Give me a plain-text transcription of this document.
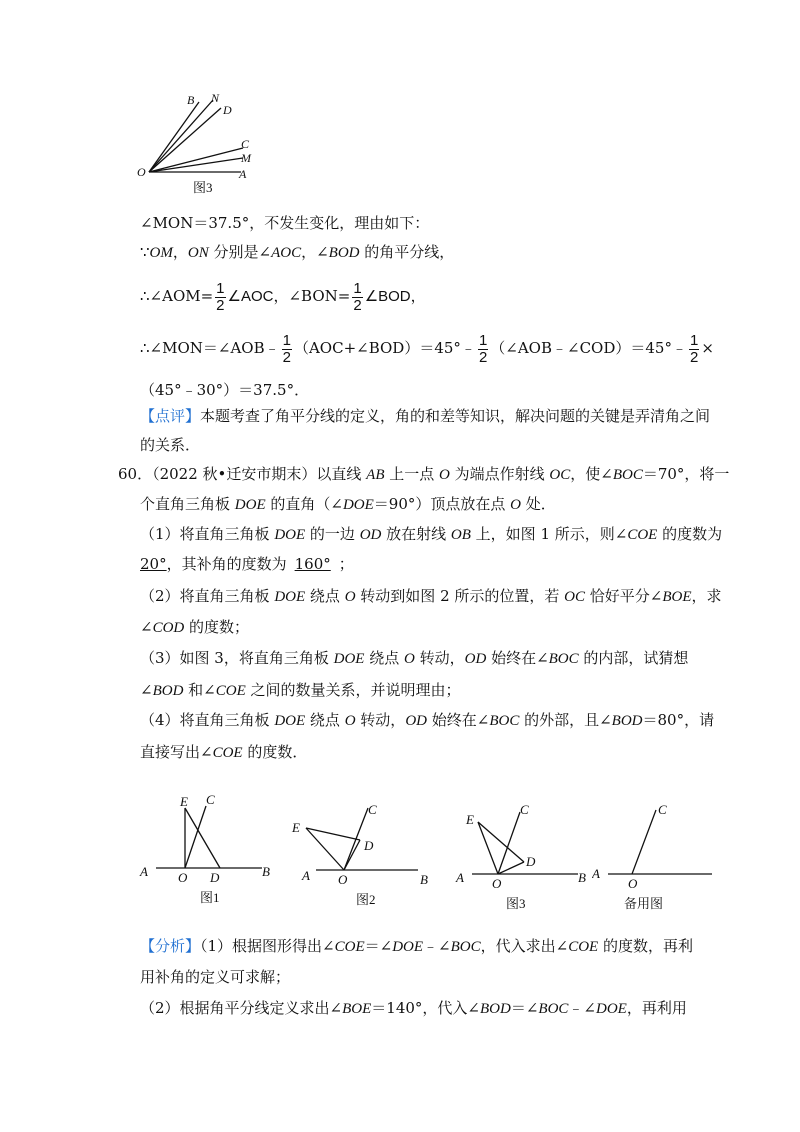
B N
D
C
M
A
O
图3
∠MON＝37.5°，不发生变化，理由如下：
∵OM，ON 分别是∠AOC，∠BOD 的角平分线，
∴∠AOM= $\frac{1}{2}$ ∠AOC，∠BON= $\frac{1}{2}$ ∠BOD，
∴∠MON＝∠AOB﹣ $\frac{1}{2}$ （AOC+∠BOD）＝45°﹣ $\frac{1}{2}$ （∠AOB﹣∠COD）＝45°﹣ $\frac{1}{2}$ ×
（45°﹣30°）＝37.5°．
【点评】本题考查了角平分线的定义，角的和差等知识，解决问题的关键是弄清角之间
的关系．
60．（2022 秋•迁安市期末）以直线 AB 上一点 O 为端点作射线 OC，使∠BOC＝70°，将一
个直角三角板 DOE 的直角（∠DOE＝90°）顶点放在点 O 处．
（1）将直角三角板 DOE 的一边 OD 放在射线 OB 上，如图 1 所示，则∠COE 的度数为
20°，其补角的度数为 160° ；
（2）将直角三角板 DOE 绕点 O 转动到如图 2 所示的位置，若 OC 恰好平分∠BOE，求
∠COD 的度数；
（3）如图 3，将直角三角板 DOE 绕点 O 转动，OD 始终在∠BOC 的内部，试猜想
∠BOD 和∠COE 之间的数量关系，并说明理由；
（4）将直角三角板 DOE 绕点 O 转动，OD 始终在∠BOC 的外部，且∠BOD＝80°，请
直接写出∠COE 的度数．
A O D	B
E C
图1
A O	B
E
C
D
图2
A O	B
E
C
D
图3
A
O
C
备用图
【分析】（1）根据图形得出∠COE＝∠DOE﹣∠BOC，代入求出∠COE 的度数，再利
用补角的定义可求解；
（2）根据角平分线定义求出∠BOE＝140°，代入∠BOD＝∠BOC﹣∠DOE，再利用
